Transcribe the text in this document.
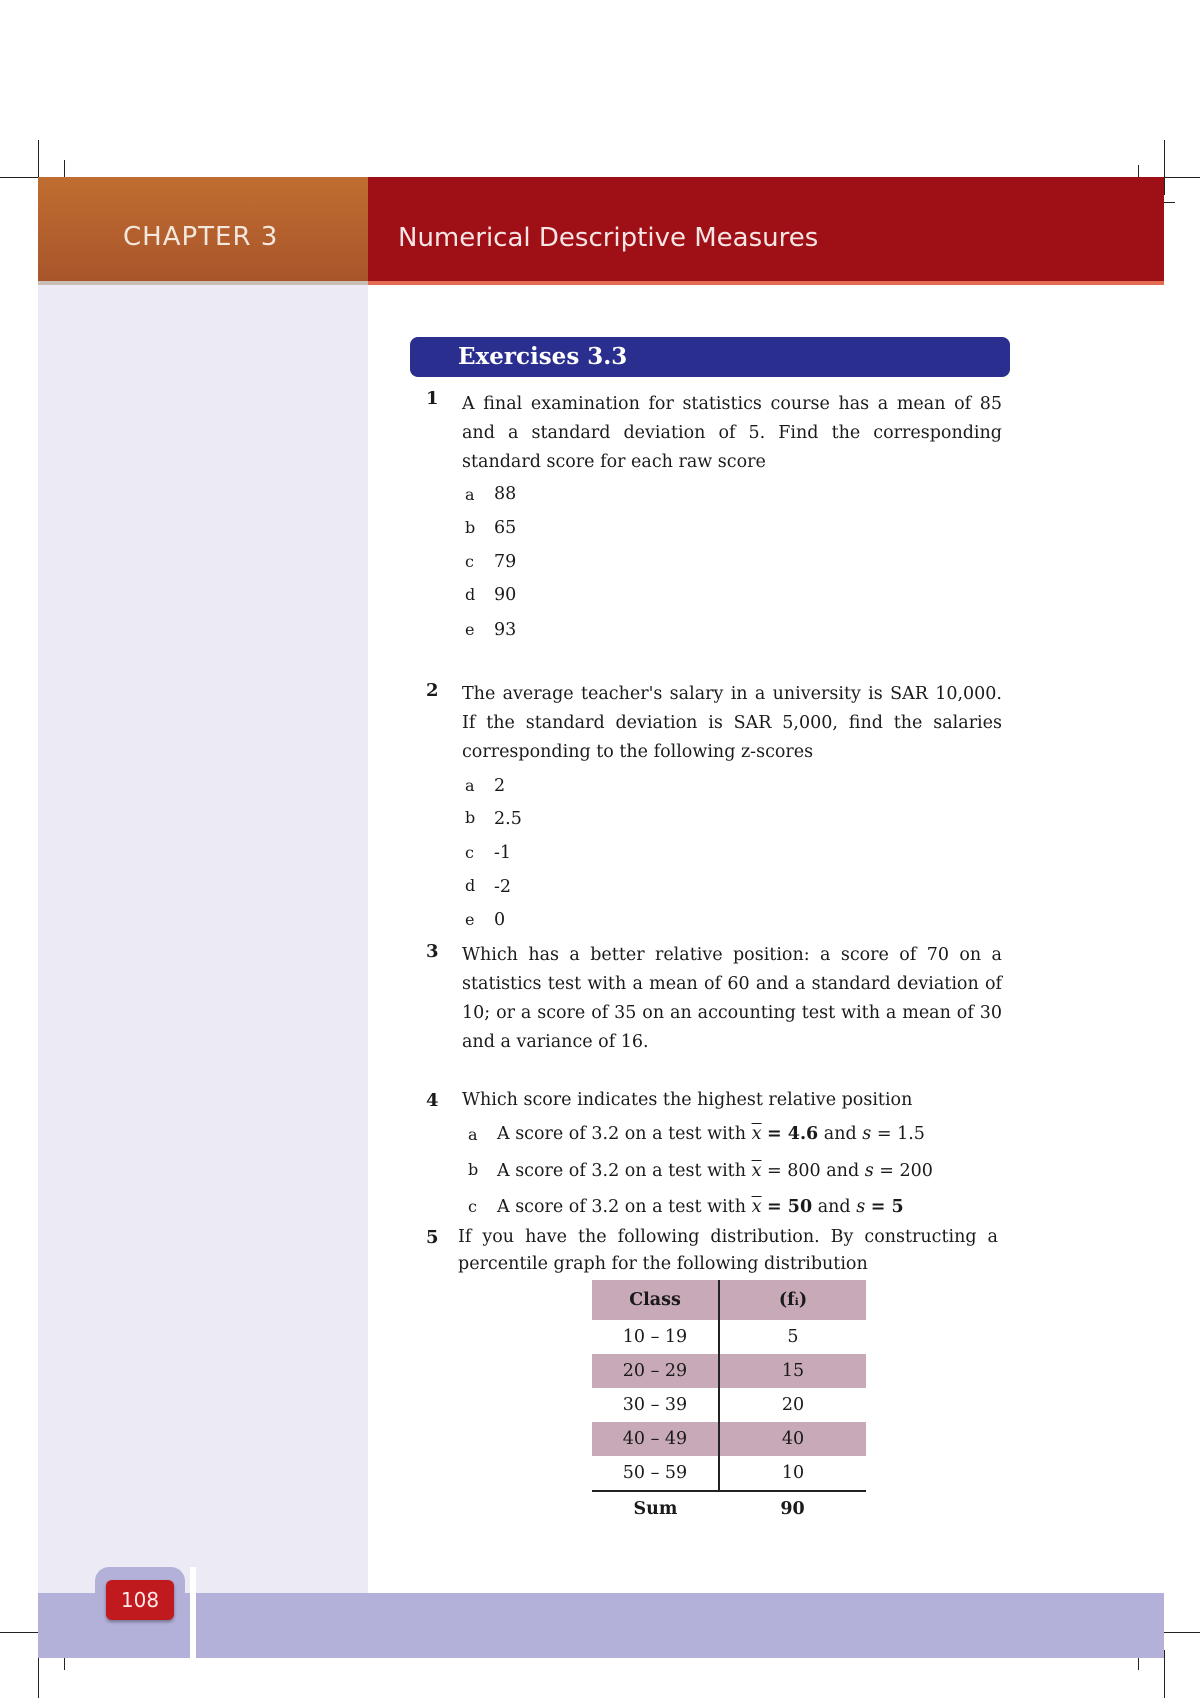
CHAPTER 3	Numerical Descriptive Measures
Exercises 3.3
1 A final examination for statistics course has a mean of 85 and a standard deviation of 5. Find the corresponding standard score for each raw score
a 88
b 65
c 79
d 90
e 93
2 The average teacher's salary in a university is SAR 10,000. If the standard deviation is SAR 5,000, find the salaries corresponding to the following z-scores
a 2
b 2.5
c -1
d -2
e 0
3 Which has a better relative position: a score of 70 on a statistics test with a mean of 60 and a standard deviation of 10; or a score of 35 on an accounting test with a mean of 30 and a variance of 16.
4 Which score indicates the highest relative position
a A score of 3.2 on a test with $\overline{x} = 4.6$ and s = 1.5
b A score of 3.2 on a test with $\overline{x} = 800$ and s = 200
c A score of 3.2 on a test with $\overline{x} = 50$ and s = 5
5 If you have the following distribution. By constructing a percentile graph for the following distribution
Class	(fᵢ)
10 – 19	5
20 – 29	15
30 – 39	20
40 – 49	40
50 – 59	10
Sum	90
108
